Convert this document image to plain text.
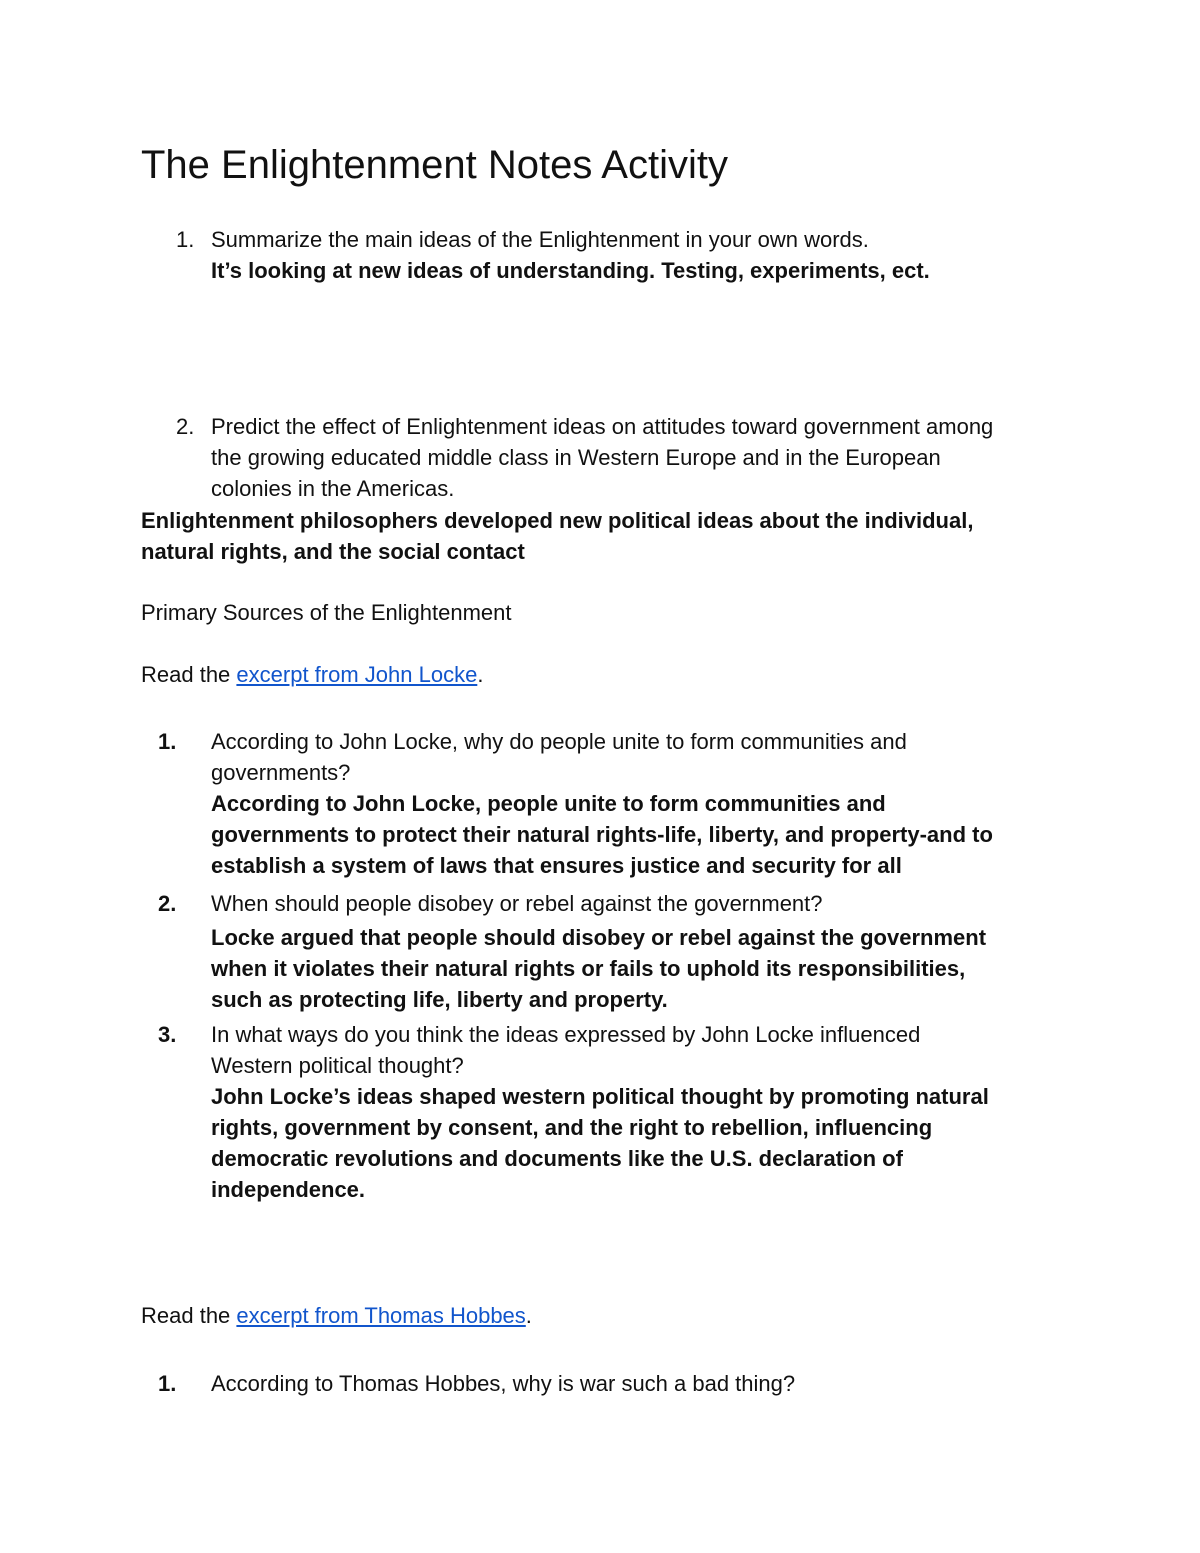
The Enlightenment Notes Activity
1. Summarize the main ideas of the Enlightenment in your own words.
It’s looking at new ideas of understanding. Testing, experiments, ect.
2. Predict the effect of Enlightenment ideas on attitudes toward government among
the growing educated middle class in Western Europe and in the European
colonies in the Americas.
Enlightenment philosophers developed new political ideas about the individual,
natural rights, and the social contact
Primary Sources of the Enlightenment
Read the excerpt from John Locke.
1. According to John Locke, why do people unite to form communities and
governments?
According to John Locke, people unite to form communities and
governments to protect their natural rights-life, liberty, and property-and to
establish a system of laws that ensures justice and security for all
2. When should people disobey or rebel against the government?
Locke argued that people should disobey or rebel against the government
when it violates their natural rights or fails to uphold its responsibilities,
such as protecting life, liberty and property.
3. In what ways do you think the ideas expressed by John Locke influenced
Western political thought?
John Locke’s ideas shaped western political thought by promoting natural
rights, government by consent, and the right to rebellion, influencing
democratic revolutions and documents like the U.S. declaration of
independence.
Read the excerpt from Thomas Hobbes.
1. According to Thomas Hobbes, why is war such a bad thing?
